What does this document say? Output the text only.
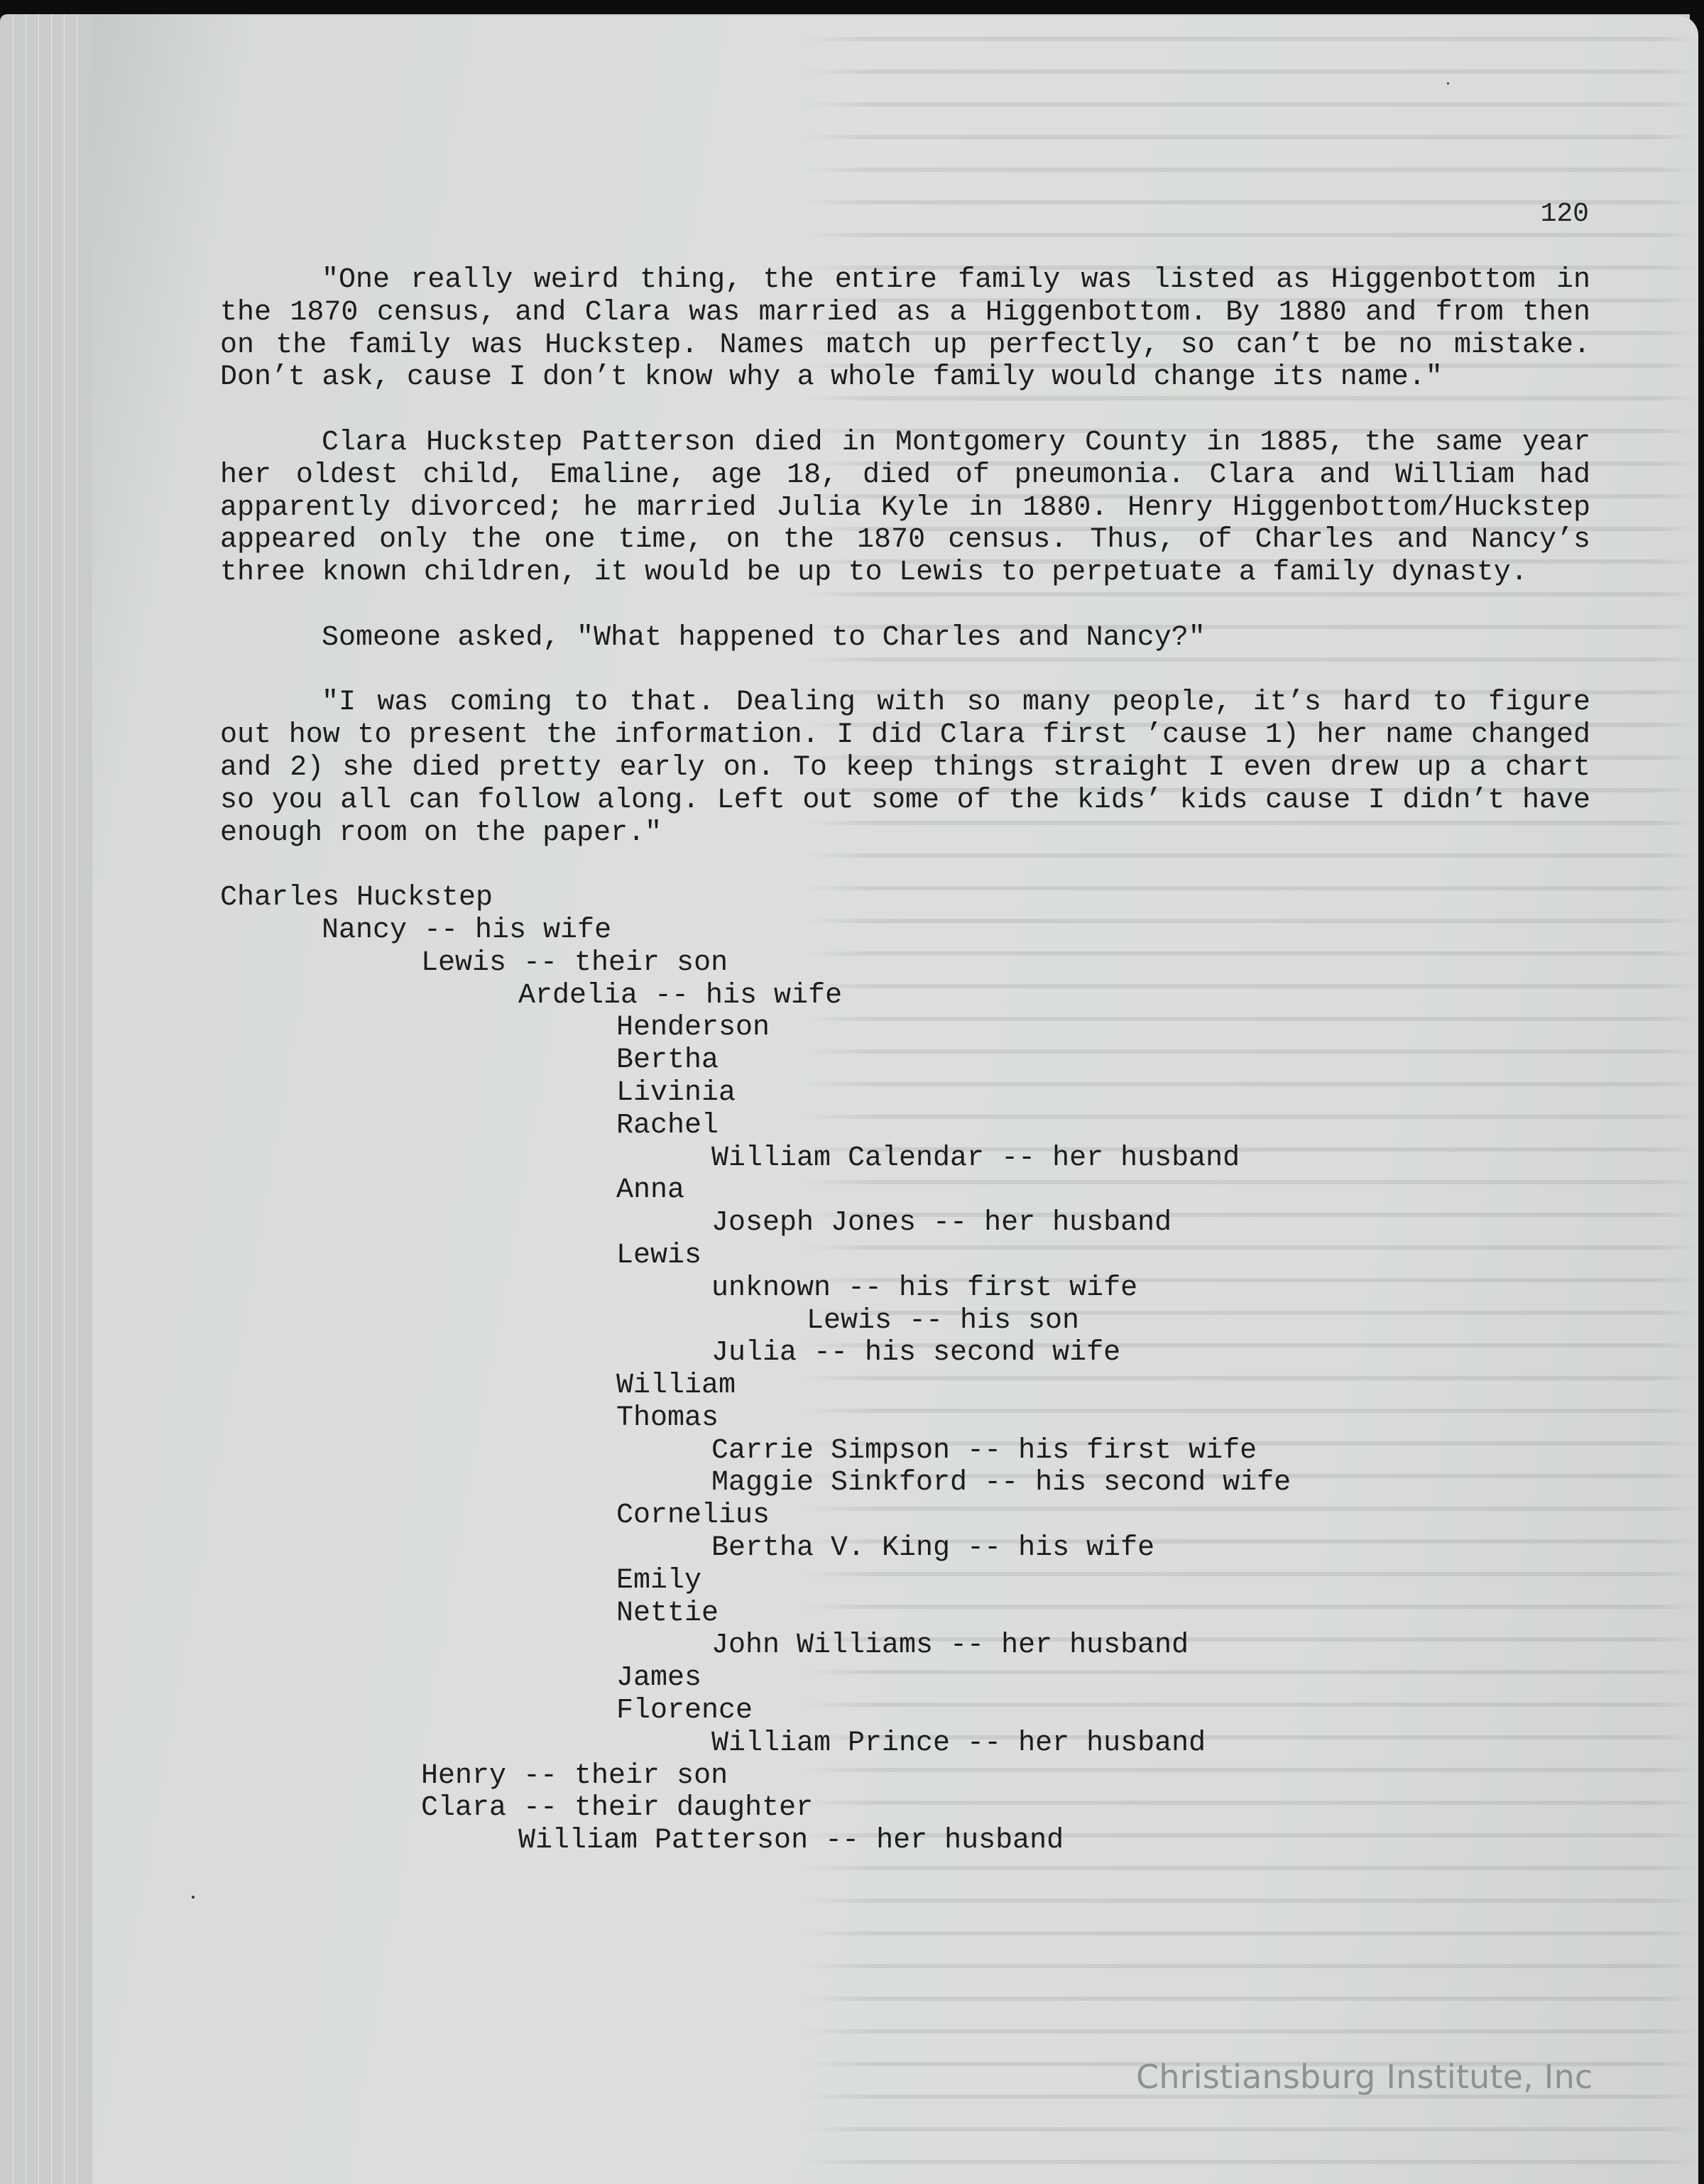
120

"One really weird thing, the entire family was listed as Higgenbottom in the 1870 census, and Clara was married as a Higgenbottom. By 1880 and from then on the family was Huckstep. Names match up perfectly, so can’t be no mistake. Don’t ask, cause I don’t know why a whole family would change its name."

Clara Huckstep Patterson died in Montgomery County in 1885, the same year her oldest child, Emaline, age 18, died of pneumonia. Clara and William had apparently divorced; he married Julia Kyle in 1880. Henry Higgenbottom/Huckstep appeared only the one time, on the 1870 census. Thus, of Charles and Nancy’s three known children, it would be up to Lewis to perpetuate a family dynasty.

Someone asked, "What happened to Charles and Nancy?"

"I was coming to that. Dealing with so many people, it’s hard to figure out how to present the information. I did Clara first ’cause 1) her name changed and 2) she died pretty early on. To keep things straight I even drew up a chart so you all can follow along. Left out some of the kids’ kids cause I didn’t have enough room on the paper."

Charles Huckstep
Nancy -- his wife
Lewis -- their son
Ardelia -- his wife
Henderson
Bertha
Livinia
Rachel
William Calendar -- her husband
Anna
Joseph Jones -- her husband
Lewis
unknown -- his first wife
Lewis -- his son
Julia -- his second wife
William
Thomas
Carrie Simpson -- his first wife
Maggie Sinkford -- his second wife
Cornelius
Bertha V. King -- his wife
Emily
Nettie
John Williams -- her husband
James
Florence
William Prince -- her husband
Henry -- their son
Clara -- their daughter
William Patterson -- her husband
Christiansburg Institute, Inc
